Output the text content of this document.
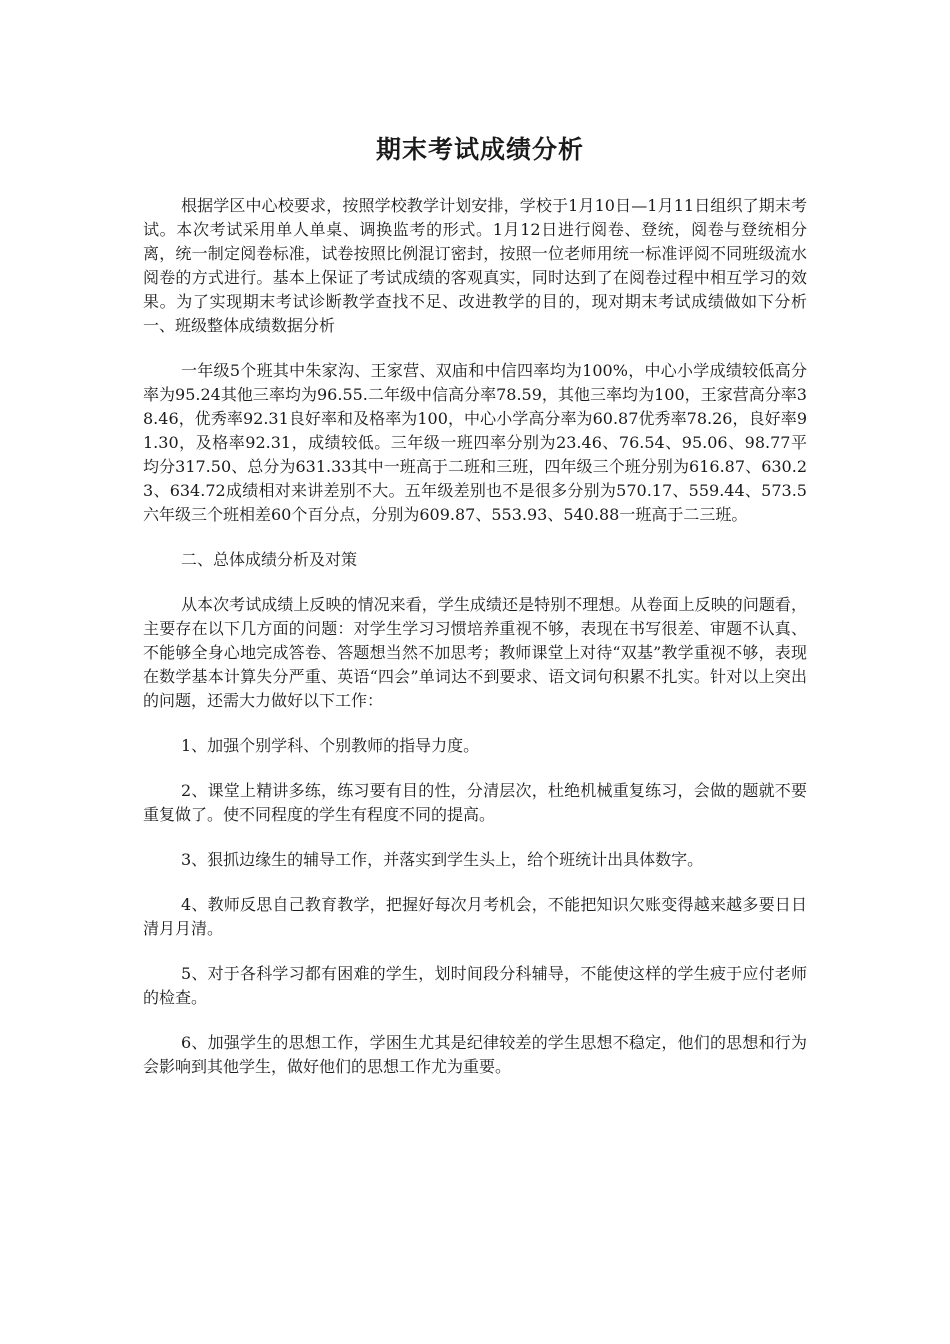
期末考试成绩分析

根据学区中心校要求，按照学校教学计划安排，学校于1月10日—1月11日组织了期末考试。本次考试采用单人单桌、调换监考的形式。1月12日进行阅卷、登统，阅卷与登统相分离，统一制定阅卷标准，试卷按照比例混订密封，按照一位老师用统一标准评阅不同班级流水阅卷的方式进行。基本上保证了考试成绩的客观真实，同时达到了在阅卷过程中相互学习的效果。为了实现期末考试诊断教学查找不足、改进教学的目的，现对期末考试成绩做如下分析一、班级整体成绩数据分析

一年级5个班其中朱家沟、王家营、双庙和中信四率均为100%，中心小学成绩较低高分率为95.24其他三率均为96.55.二年级中信高分率78.59，其他三率均为100，王家营高分率38.46，优秀率92.31良好率和及格率为100，中心小学高分率为60.87优秀率78.26，良好率91.30，及格率92.31，成绩较低。三年级一班四率分别为23.46、76.54、95.06、98.77平均分317.50、总分为631.33其中一班高于二班和三班，四年级三个班分别为616.87、630.23、634.72成绩相对来讲差别不大。五年级差别也不是很多分别为570.17、559.44、573.5六年级三个班相差60个百分点，分别为609.87、553.93、540.88一班高于二三班。

二、总体成绩分析及对策

从本次考试成绩上反映的情况来看，学生成绩还是特别不理想。从卷面上反映的问题看，主要存在以下几方面的问题：对学生学习习惯培养重视不够，表现在书写很差、审题不认真、不能够全身心地完成答卷、答题想当然不加思考；教师课堂上对待“双基”教学重视不够，表现在数学基本计算失分严重、英语“四会”单词达不到要求、语文词句积累不扎实。针对以上突出的问题，还需大力做好以下工作：

1、加强个别学科、个别教师的指导力度。

2、课堂上精讲多练，练习要有目的性，分清层次，杜绝机械重复练习，会做的题就不要重复做了。使不同程度的学生有程度不同的提高。

3、狠抓边缘生的辅导工作，并落实到学生头上，给个班统计出具体数字。

4、教师反思自己教育教学，把握好每次月考机会，不能把知识欠账变得越来越多要日日清月月清。

5、对于各科学习都有困难的学生，划时间段分科辅导，不能使这样的学生疲于应付老师的检查。

6、加强学生的思想工作，学困生尤其是纪律较差的学生思想不稳定，他们的思想和行为会影响到其他学生，做好他们的思想工作尤为重要。
